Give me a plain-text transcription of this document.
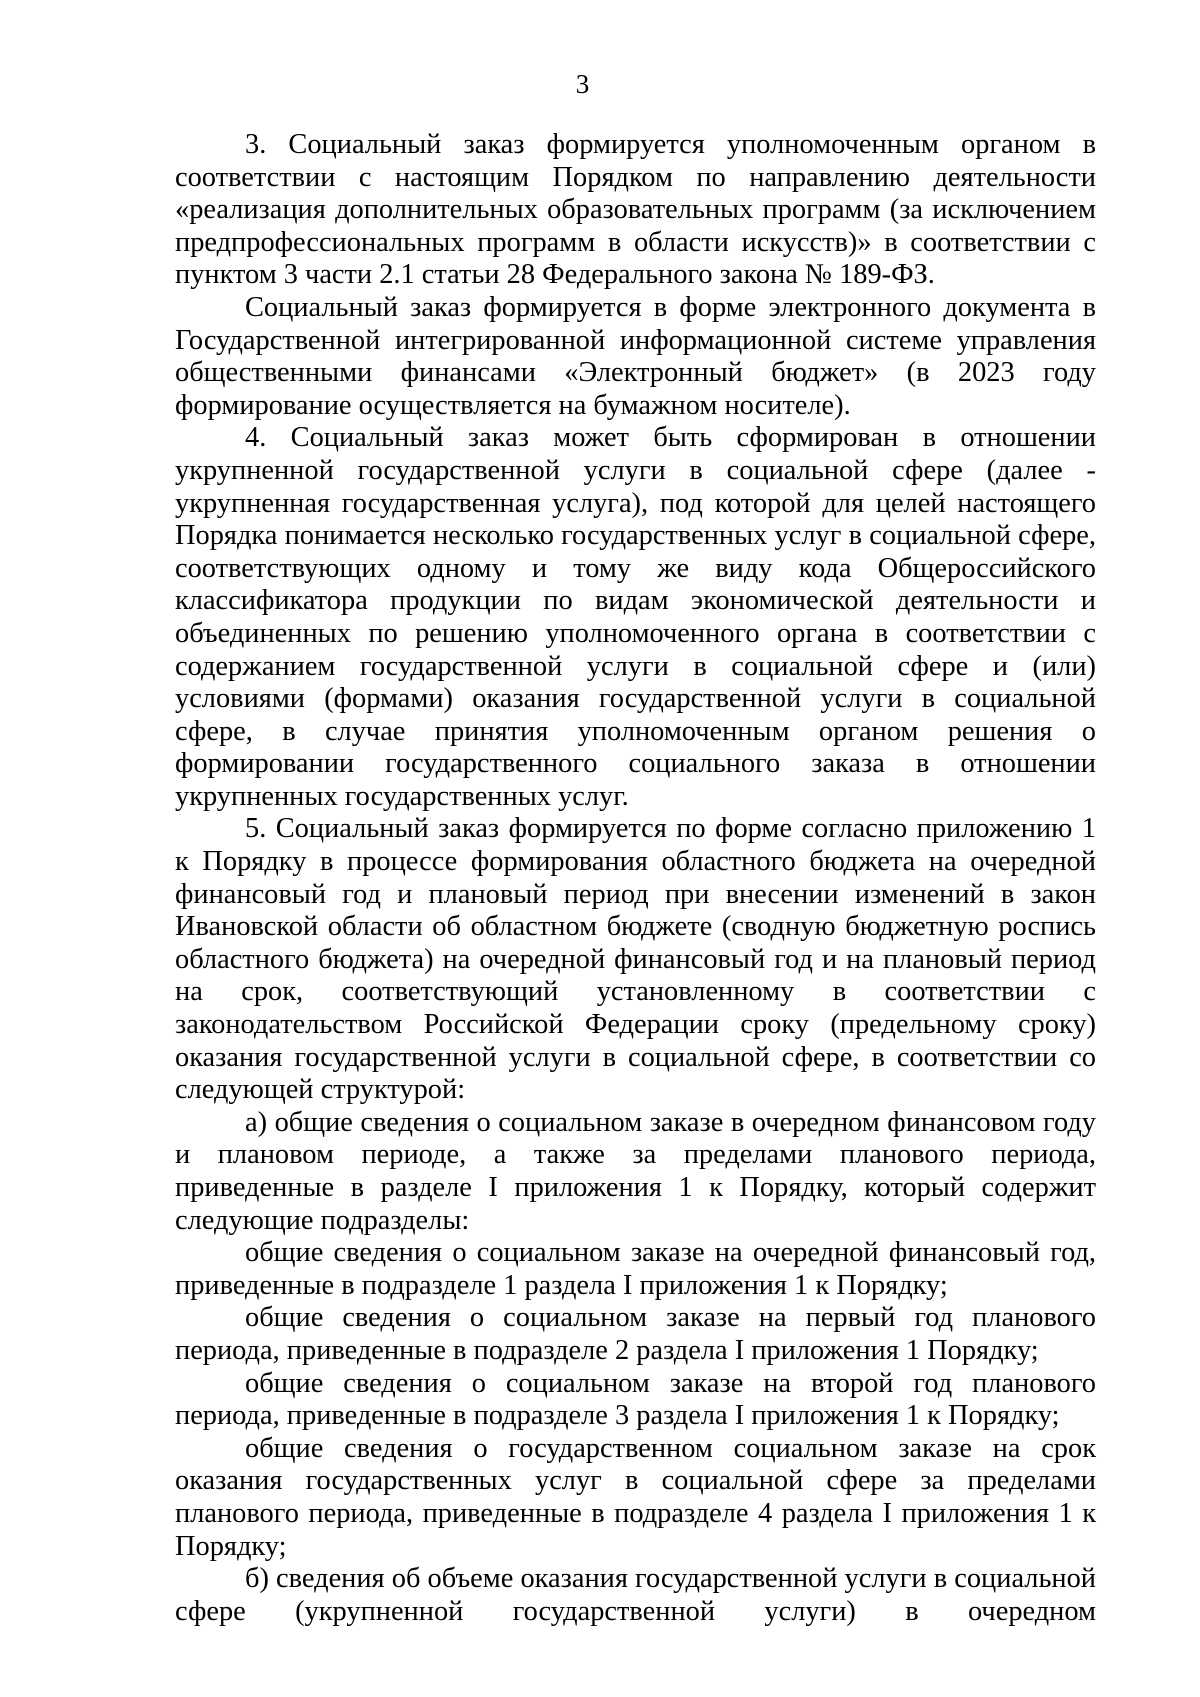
3

3. Социальный заказ формируется уполномоченным органом в соответствии с настоящим Порядком по направлению деятельности «реализация дополнительных образовательных программ (за исключением предпрофессиональных программ в области искусств)» в соответствии с пунктом 3 части 2.1 статьи 28 Федерального закона № 189-ФЗ.

Социальный заказ формируется в форме электронного документа в Государственной интегрированной информационной системе управления общественными финансами «Электронный бюджет» (в 2023 году формирование осуществляется на бумажном носителе).

4. Социальный заказ может быть сформирован в отношении укрупненной государственной услуги в социальной сфере (далее - укрупненная государственная услуга), под которой для целей настоящего Порядка понимается несколько государственных услуг в социальной сфере, соответствующих одному и тому же виду кода Общероссийского классификатора продукции по видам экономической деятельности и объединенных по решению уполномоченного органа в соответствии с содержанием государственной услуги в социальной сфере и (или) условиями (формами) оказания государственной услуги в социальной сфере, в случае принятия уполномоченным органом решения о формировании государственного социального заказа в отношении укрупненных государственных услуг.

5. Социальный заказ формируется по форме согласно приложению 1 к Порядку в процессе формирования областного бюджета на очередной финансовый год и плановый период при внесении изменений в закон Ивановской области об областном бюджете (сводную бюджетную роспись областного бюджета) на очередной финансовый год и на плановый период на срок, соответствующий установленному в соответствии с законодательством Российской Федерации сроку (предельному сроку) оказания государственной услуги в социальной сфере, в соответствии со следующей структурой:

а) общие сведения о социальном заказе в очередном финансовом году и плановом периоде, а также за пределами планового периода, приведенные в разделе I приложения 1 к Порядку, который содержит следующие подразделы:

общие сведения о социальном заказе на очередной финансовый год, приведенные в подразделе 1 раздела I приложения 1 к Порядку;

общие сведения о социальном заказе на первый год планового периода, приведенные в подразделе 2 раздела I приложения 1 Порядку;

общие сведения о социальном заказе на второй год планового периода, приведенные в подразделе 3 раздела I приложения 1 к Порядку;

общие сведения о государственном социальном заказе на срок оказания государственных услуг в социальной сфере за пределами планового периода, приведенные в подразделе 4 раздела I приложения 1 к Порядку;

б) сведения об объеме оказания государственной услуги в социальной сфере (укрупненной государственной услуги) в очередном
